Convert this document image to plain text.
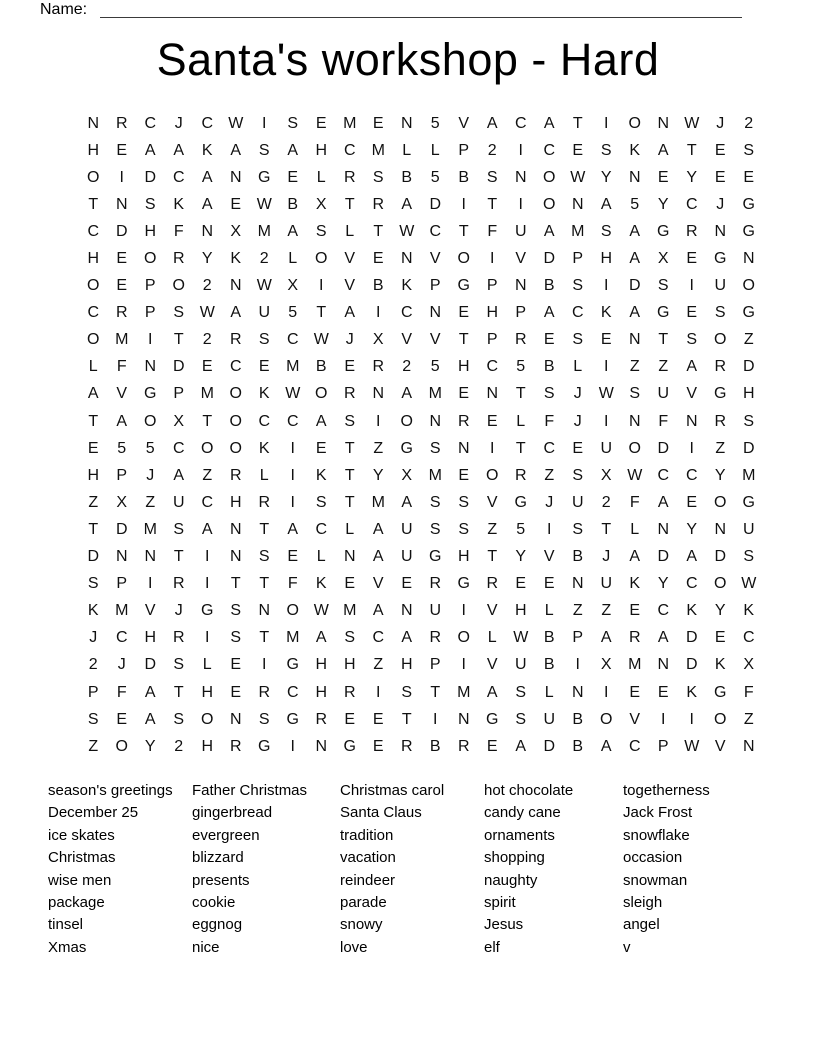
Name:
Santa's workshop - Hard
N	R	C	J	C W	I	S	E	M	E	N	5	V	A	C	A	T	I	O	N W	J	2
H	E	A	A	K	A	S	A	H	C	M	L	L	P	2	I	C	E	S	K	A	T	E	S
O	I	D	C	A	N	G	E	L	R	S	B	5	B	S	N	O W Y	N	E	Y	E	E
T	N	S	K	A	E W B	X	T	R	A	D	I	T	I	O	N	A	5	Y	C	J	G
C	D	H	F	N	X	M	A	S	L	T	W C	T	F	U	A	M	S	A	G	R	N	G
H	E	O	R	Y	K	2	L	O	V	E	N	V	O	I	V	D	P	H	A	X	E	G	N
O	E	P	O	2	N W X	I	V	B	K	P	G	P	N	B	S	I	D	S	I	U	O
C	R	P	S W A	U	5	T	A	I	C	N	E	H	P	A	C	K	A	G	E	S	G
O M	I	T	2	R	S	C W	J	X	V	V	T	P	R	E	S	E	N	T	S	O	Z
L	F	N	D	E	C	E	M	B	E	R	2	5	H	C	5	B	L	I	Z	Z	A	R	D
A	V	G	P	M O	K W O	R	N	A	M	E	N	T	S	J	W S	U	V	G	H
T	A	O	X	T	O	C	C	A	S	I	O	N	R	E	L	F	J	I	N	F	N	R	S
E	5	5	C	O	O	K	I	E	T	Z	G	S	N	I	T	C	E	U	O	D	I	Z	D
H	P	J	A	Z	R	L	I	K	T	Y	X	M	E	O	R	Z	S	X W C	C	Y	M
Z	X	Z	U	C	H	R	I	S	T	M	A	S	S	V	G	J	U	2	F	A	E	O	G
T	D	M	S	A	N	T	A	C	L	A	U	S	S	Z	5	I	S	T	L	N	Y	N	U
D	N	N	T	I	N	S	E	L	N	A	U	G	H	T	Y	V	B	J	A	D	A	D	S
S	P	I	R	I	T	T	F	K	E	V	E	R	G	R	E	E	N	U	K	Y	C	O W
K	M	V	J	G	S	N	O W M	A	N	U	I	V	H	L	Z	Z	E	C	K	Y	K
J	C	H	R	I	S	T	M	A	S	C	A	R	O	L	W B	P	A	R	A	D	E	C
2	J	D	S	L	E	I	G	H	H	Z	H	P	I	V	U	B	I	X	M	N	D	K	X
P	F	A	T	H	E	R	C	H	R	I	S	T	M	A	S	L	N	I	E	E	K	G	F
S	E	A	S	O	N	S	G	R	E	E	T	I	N	G	S	U	B	O	V	I	I	O	Z
Z	O	Y	2	H	R	G	I	N	G	E	R	B	R	E	A	D	B	A	C	P W V	N
season's greetings
December 25
ice skates
Christmas
wise men
package
tinsel
Xmas
Father Christmas
gingerbread
evergreen
blizzard
presents
cookie
eggnog
nice
Christmas carol
Santa Claus
tradition
vacation
reindeer
parade
snowy
love
hot chocolate
candy cane
ornaments
shopping
naughty
spirit
Jesus
elf
togetherness
Jack Frost
snowflake
occasion
snowman
sleigh
angel
v
